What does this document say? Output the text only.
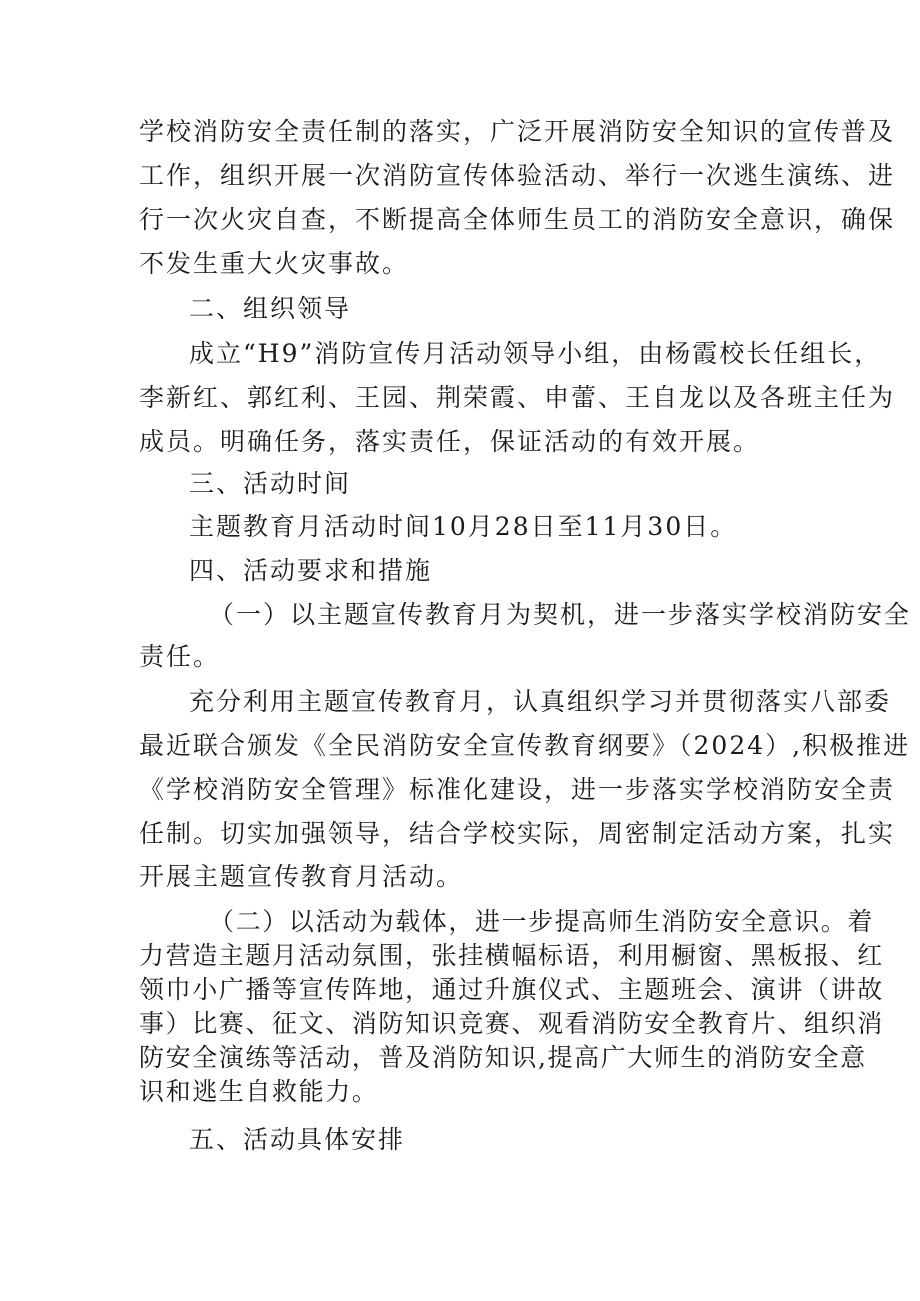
学校消防安全责任制的落实，广泛开展消防安全知识的宣传普及
工作，组织开展一次消防宣传体验活动、举行一次逃生演练、进
行一次火灾自查，不断提高全体师生员工的消防安全意识，确保
不发生重大火灾事故。
二、组织领导
成立“H9”消防宣传月活动领导小组，由杨霞校长任组长，
李新红、郭红利、王园、荆荣霞、申蕾、王自龙以及各班主任为
成员。明确任务，落实责任，保证活动的有效开展。
三、活动时间
主题教育月活动时间10月28日至11月30日。
四、活动要求和措施
（一）以主题宣传教育月为契机，进一步落实学校消防安全
责任。
充分利用主题宣传教育月，认真组织学习并贯彻落实八部委
最近联合颁发《全民消防安全宣传教育纲要》（2024）,积极推进
《学校消防安全管理》标准化建设，进一步落实学校消防安全责
任制。切实加强领导，结合学校实际，周密制定活动方案，扎实
开展主题宣传教育月活动。
（二）以活动为载体，进一步提高师生消防安全意识。着
力营造主题月活动氛围，张挂横幅标语，利用橱窗、黑板报、红
领巾小广播等宣传阵地，通过升旗仪式、主题班会、演讲（讲故
事）比赛、征文、消防知识竞赛、观看消防安全教育片、组织消
防安全演练等活动，普及消防知识,提高广大师生的消防安全意
识和逃生自救能力。
五、活动具体安排
